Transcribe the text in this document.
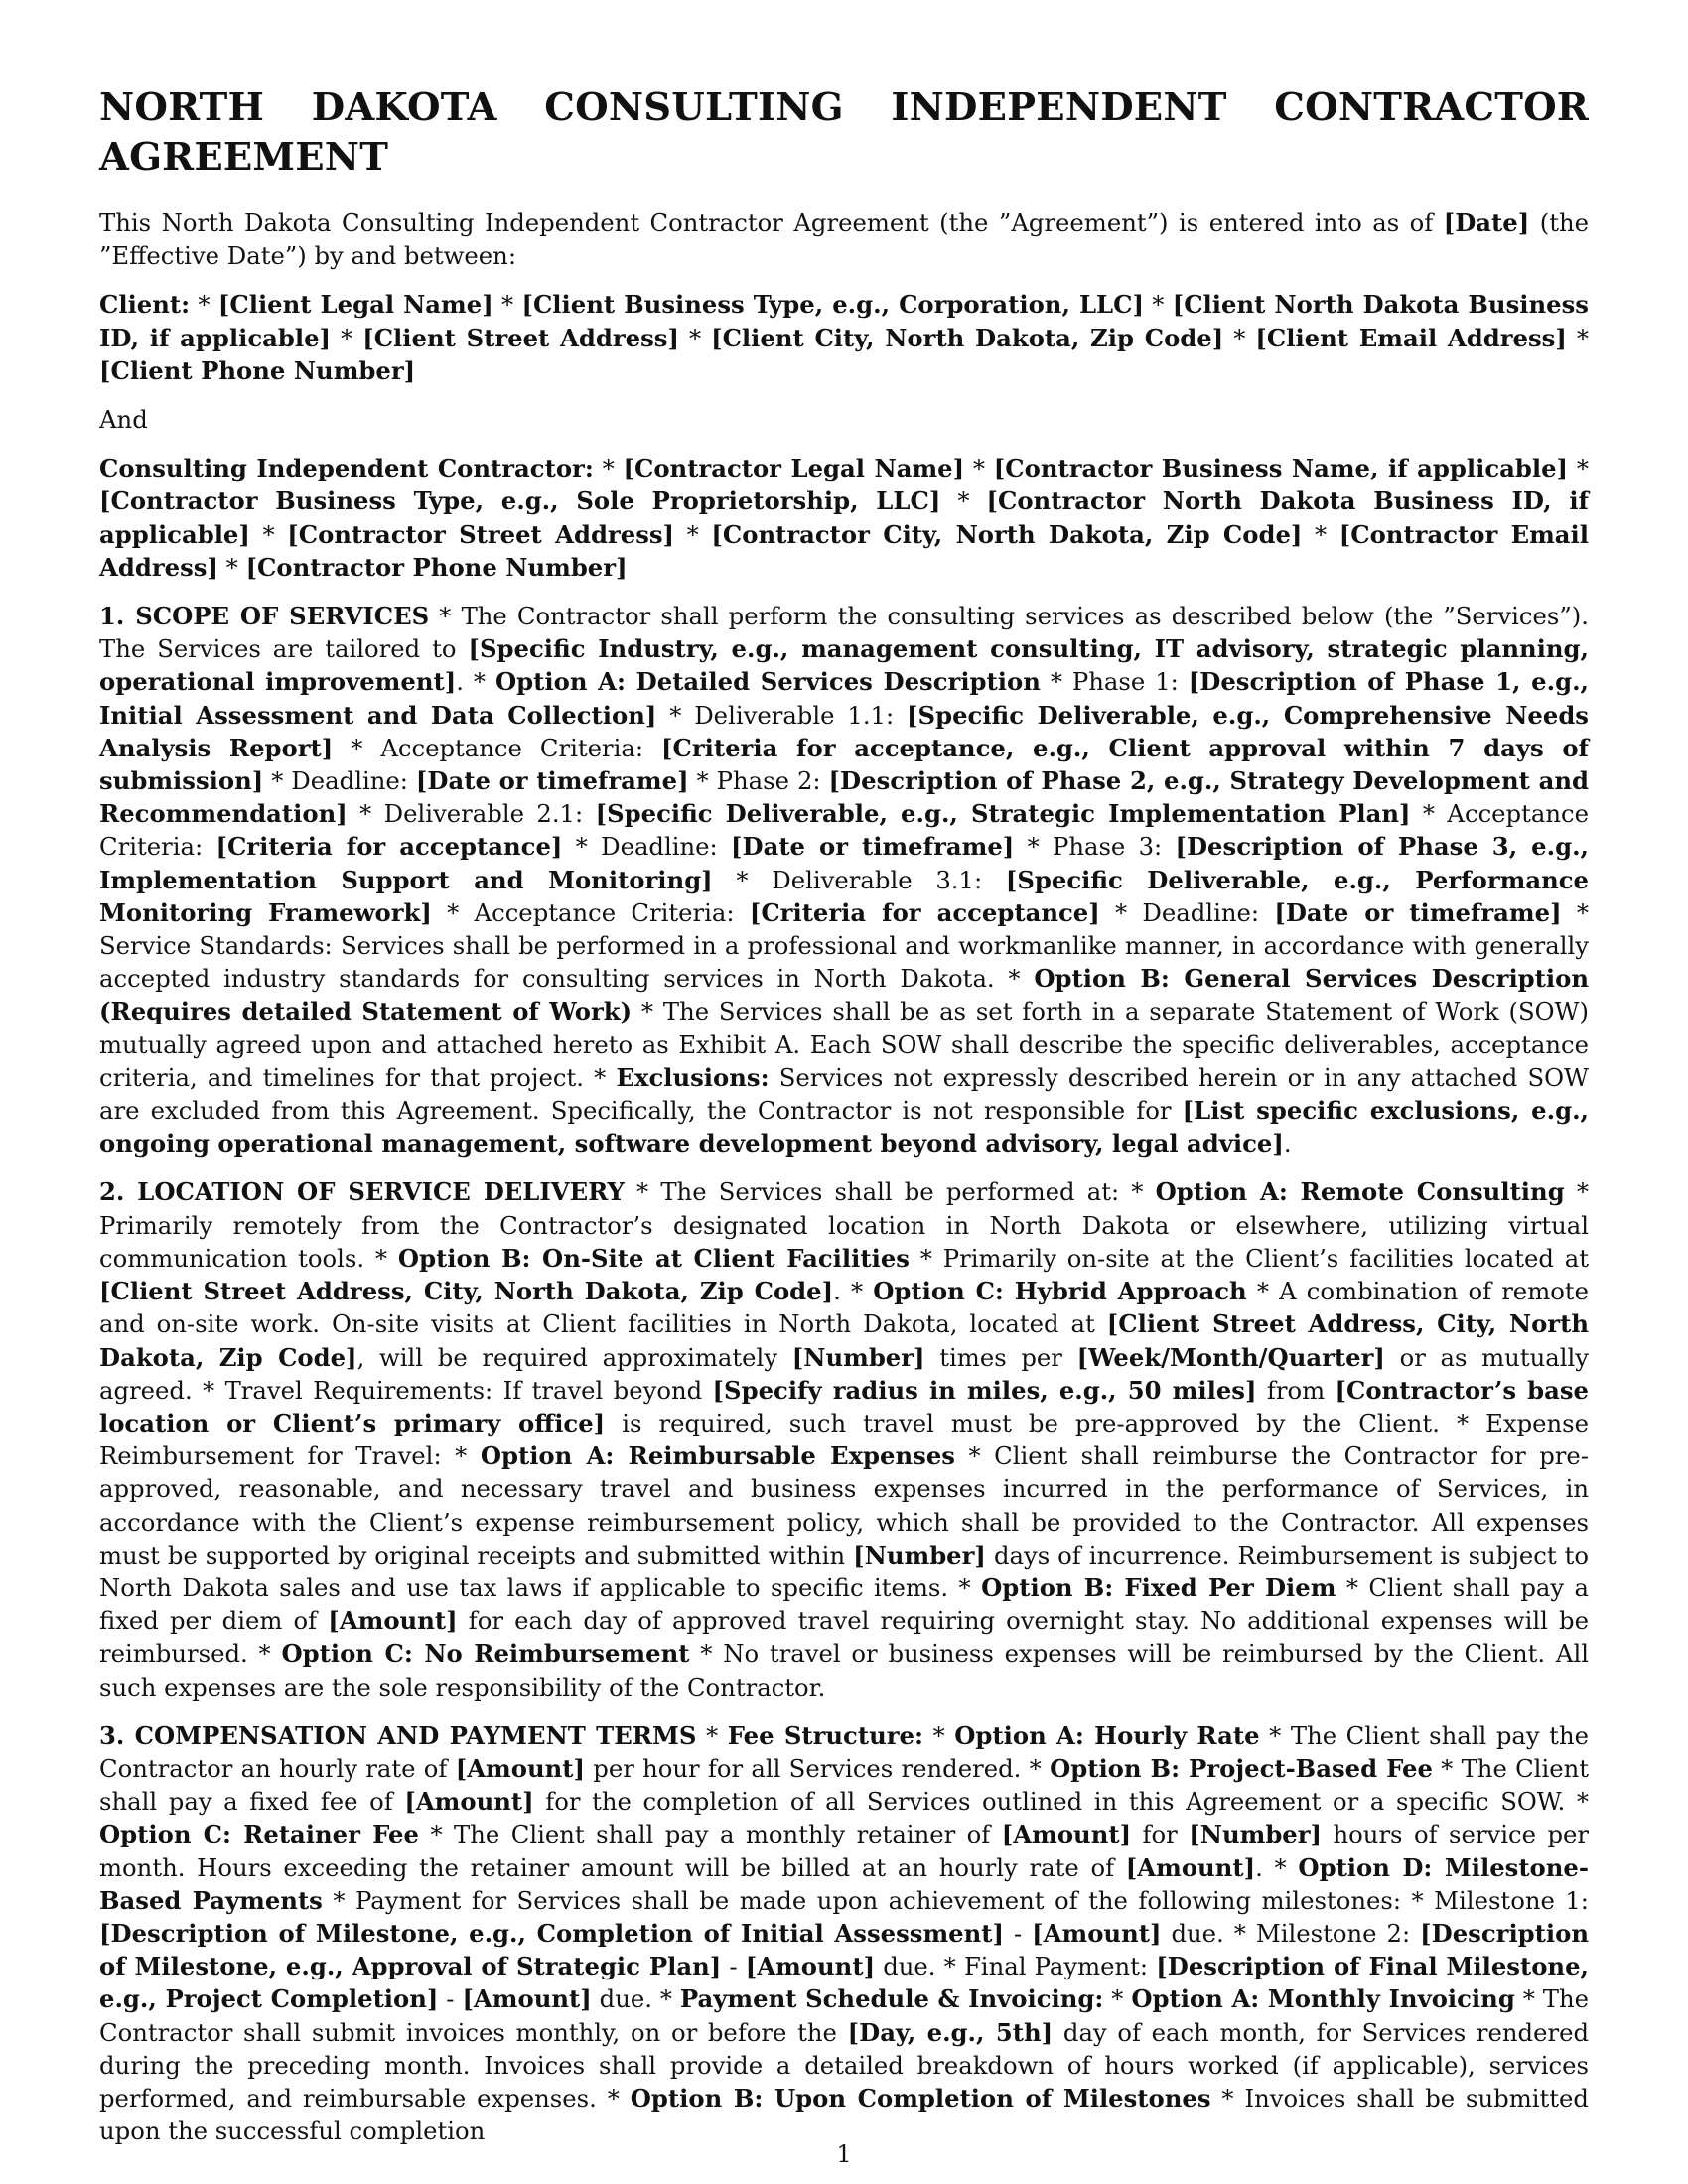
NORTH DAKOTA CONSULTING INDEPENDENT CONTRACTOR AGREEMENT

This North Dakota Consulting Independent Contractor Agreement (the ”Agreement”) is entered into as of [Date] (the ”Effective Date”) by and between:

Client: * [Client Legal Name] * [Client Business Type, e.g., Corporation, LLC] * [Client North Dakota Business ID, if applicable] * [Client Street Address] * [Client City, North Dakota, Zip Code] * [Client Email Address] * [Client Phone Number]

And

Consulting Independent Contractor: * [Contractor Legal Name] * [Contractor Business Name, if applicable] * [Contractor Business Type, e.g., Sole Proprietorship, LLC] * [Contractor North Dakota Business ID, if applicable] * [Contractor Street Address] * [Contractor City, North Dakota, Zip Code] * [Contractor Email Address] * [Contractor Phone Number]

1. SCOPE OF SERVICES * The Contractor shall perform the consulting services as described below (the ”Services”). The Services are tailored to [Specific Industry, e.g., management consulting, IT advisory, strategic planning, operational improvement]. * Option A: Detailed Services Description * Phase 1: [Description of Phase 1, e.g., Initial Assessment and Data Collection] * Deliverable 1.1: [Specific Deliverable, e.g., Comprehensive Needs Analysis Report] * Acceptance Criteria: [Criteria for acceptance, e.g., Client approval within 7 days of submission] * Deadline: [Date or timeframe] * Phase 2: [Description of Phase 2, e.g., Strategy Development and Recommendation] * Deliverable 2.1: [Specific Deliverable, e.g., Strategic Implementation Plan] * Acceptance Criteria: [Criteria for acceptance] * Deadline: [Date or timeframe] * Phase 3: [Description of Phase 3, e.g., Implementation Support and Monitoring] * Deliverable 3.1: [Specific Deliverable, e.g., Performance Monitoring Framework] * Acceptance Criteria: [Criteria for acceptance] * Deadline: [Date or timeframe] * Service Standards: Services shall be performed in a professional and workmanlike manner, in accordance with generally accepted industry standards for consulting services in North Dakota. * Option B: General Services Description (Requires detailed Statement of Work) * The Services shall be as set forth in a separate Statement of Work (SOW) mutually agreed upon and attached hereto as Exhibit A. Each SOW shall describe the specific deliverables, acceptance criteria, and timelines for that project. * Exclusions: Services not expressly described herein or in any attached SOW are excluded from this Agreement. Specifically, the Contractor is not responsible for [List specific exclusions, e.g., ongoing operational management, software development beyond advisory, legal advice].

2. LOCATION OF SERVICE DELIVERY * The Services shall be performed at: * Option A: Remote Consulting * Primarily remotely from the Contractor’s designated location in North Dakota or elsewhere, utilizing virtual communication tools. * Option B: On-Site at Client Facilities * Primarily on-site at the Client’s facilities located at [Client Street Address, City, North Dakota, Zip Code]. * Option C: Hybrid Approach * A combination of remote and on-site work. On-site visits at Client facilities in North Dakota, located at [Client Street Address, City, North Dakota, Zip Code], will be required approximately [Number] times per [Week/Month/Quarter] or as mutually agreed. * Travel Requirements: If travel beyond [Specify radius in miles, e.g., 50 miles] from [Contractor’s base location or Client’s primary office] is required, such travel must be pre-approved by the Client. * Expense Reimbursement for Travel: * Option A: Reimbursable Expenses * Client shall reimburse the Contractor for pre-approved, reasonable, and necessary travel and business expenses incurred in the performance of Services, in accordance with the Client’s expense reimbursement policy, which shall be provided to the Contractor. All expenses must be supported by original receipts and submitted within [Number] days of incurrence. Reimbursement is subject to North Dakota sales and use tax laws if applicable to specific items. * Option B: Fixed Per Diem * Client shall pay a fixed per diem of [Amount] for each day of approved travel requiring overnight stay. No additional expenses will be reimbursed. * Option C: No Reimbursement * No travel or business expenses will be reimbursed by the Client. All such expenses are the sole responsibility of the Contractor.

3. COMPENSATION AND PAYMENT TERMS * Fee Structure: * Option A: Hourly Rate * The Client shall pay the Contractor an hourly rate of [Amount] per hour for all Services rendered. * Option B: Project-Based Fee * The Client shall pay a fixed fee of [Amount] for the completion of all Services outlined in this Agreement or a specific SOW. * Option C: Retainer Fee * The Client shall pay a monthly retainer of [Amount] for [Number] hours of service per month. Hours exceeding the retainer amount will be billed at an hourly rate of [Amount]. * Option D: Milestone-Based Payments * Payment for Services shall be made upon achievement of the following milestones: * Milestone 1: [Description of Milestone, e.g., Completion of Initial Assessment] - [Amount] due. * Milestone 2: [Description of Milestone, e.g., Approval of Strategic Plan] - [Amount] due. * Final Payment: [Description of Final Milestone, e.g., Project Completion] - [Amount] due. * Payment Schedule & Invoicing: * Option A: Monthly Invoicing * The Contractor shall submit invoices monthly, on or before the [Day, e.g., 5th] day of each month, for Services rendered during the preceding month. Invoices shall provide a detailed breakdown of hours worked (if applicable), services performed, and reimbursable expenses. * Option B: Upon Completion of Milestones * Invoices shall be submitted upon the successful completion

1
